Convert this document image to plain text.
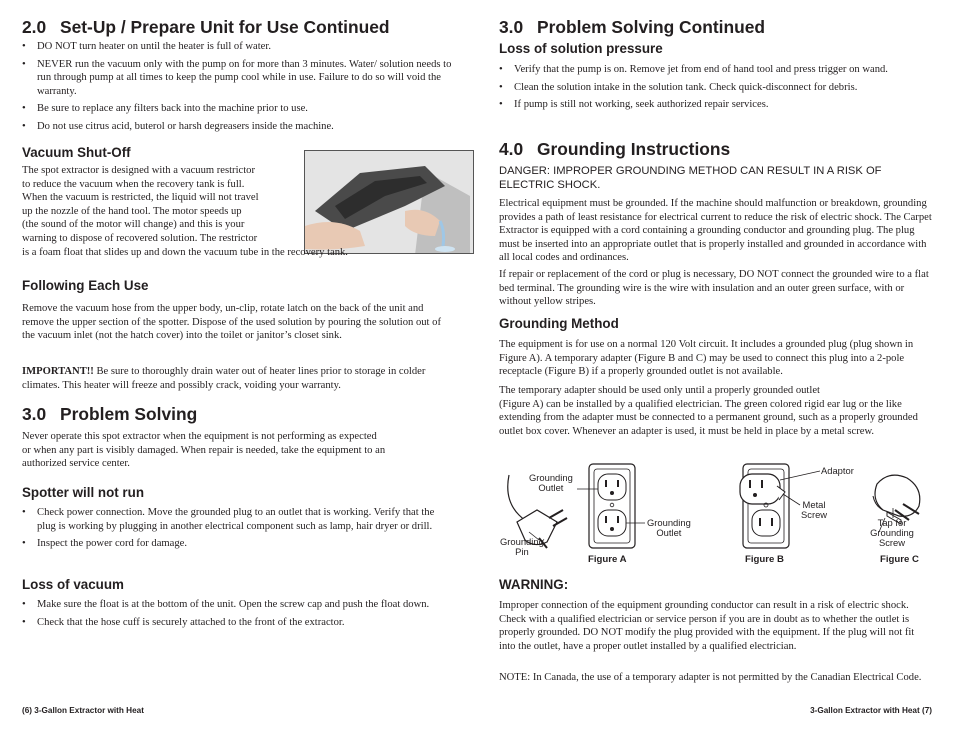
2.0 Set-Up / Prepare Unit for Use Continued
• DO NOT turn heater on until the heater is full of water.
• NEVER run the vacuum only with the pump on for more than 3 minutes. Water/ solution needs to run through pump at all times to keep the pump cool while in use. Failure to do so will void the warranty.
• Be sure to replace any filters back into the machine prior to use.
• Do not use citrus acid, buterol or harsh degreasers inside the machine.
Vacuum Shut-Off
The spot extractor is designed with a vacuum restrictor
to reduce the vacuum when the recovery tank is full.
When the vacuum is restricted, the liquid will not travel
up the nozzle of the hand tool. The motor speeds up
(the sound of the motor will change) and this is your
warning to dispose of recovered solution. The restrictor
is a foam float that slides up and down the vacuum tube in the recovery tank.
Following Each Use

Remove the vacuum hose from the upper body, un-clip, rotate latch on the back of the unit and remove the upper section of the spotter. Dispose of the used solution by pouring the solution out of the vacuum inlet (not the hatch cover) into the toilet or janitor’s closet sink.

IMPORTANT!! Be sure to thoroughly drain water out of heater lines prior to storage in colder climates. This heater will freeze and possibly crack, voiding your warranty.

3.0 Problem Solving
Never operate this spot extractor when the equipment is not performing as expected
or when any part is visibly damaged. When repair is needed, take the equipment to an
authorized service center.
Spotter will not run
• Check power connection. Move the grounded plug to an outlet that is working. Verify that the plug is working by plugging in another electrical component such as lamp, hair dryer or drill.
• Inspect the power cord for damage.
Loss of vacuum
• Make sure the float is at the bottom of the unit. Open the screw cap and push the float down.
• Check that the hose cuff is securely attached to the front of the extractor.
(6) 3-Gallon Extractor with Heat
3.0 Problem Solving Continued
Loss of solution pressure
• Verify that the pump is on. Remove jet from end of hand tool and press trigger on wand.
• Clean the solution intake in the solution tank. Check quick-disconnect for debris.
• If pump is still not working, seek authorized repair services.
4.0 Grounding Instructions

DANGER: IMPROPER GROUNDING METHOD CAN RESULT IN A RISK OF ELECTRIC SHOCK.

Electrical equipment must be grounded. If the machine should malfunction or breakdown, grounding provides a path of least resistance for electrical current to reduce the risk of electric shock. The Carpet Extractor is equipped with a cord containing a grounding conductor and grounding plug. The plug must be inserted into an appropriate outlet that is properly installed and grounded in accordance with all local codes and ordinances.

If repair or replacement of the cord or plug is necessary, DO NOT connect the grounded wire to a flat bed terminal. The grounding wire is the wire with insulation and an outer green surface, with or without yellow stripes.

Grounding Method

The equipment is for use on a normal 120 Volt circuit. It includes a grounded plug (plug shown in Figure A). A temporary adapter (Figure B and C) may be used to connect this plug into a 2-pole receptacle (Figure B) if a properly grounded outlet is not available.

The temporary adapter should be used only until a properly grounded outlet
(Figure A) can be installed by a qualified electrician. The green colored rigid ear lug or the like extending from the adapter must be connected to a permanent ground, such as a properly grounded outlet box cover. Whenever an adapter is used, it must be held in place by a metal screw.
Grounding
Outlet
Grounding
Pin
Grounding
Outlet
Adaptor
Metal
Screw
Tap for
Grounding
Screw
Figure A	Figure B	Figure C
WARNING:

Improper connection of the equipment grounding conductor can result in a risk of electric shock. Check with a qualified electrician or service person if you are in doubt as to whether the outlet is properly grounded. DO NOT modify the plug provided with the equipment. If the plug will not fit into the outlet, have a proper outlet installed by a qualified electrician.

NOTE: In Canada, the use of a temporary adapter is not permitted by the Canadian Electrical Code.

3-Gallon Extractor with Heat (7)
